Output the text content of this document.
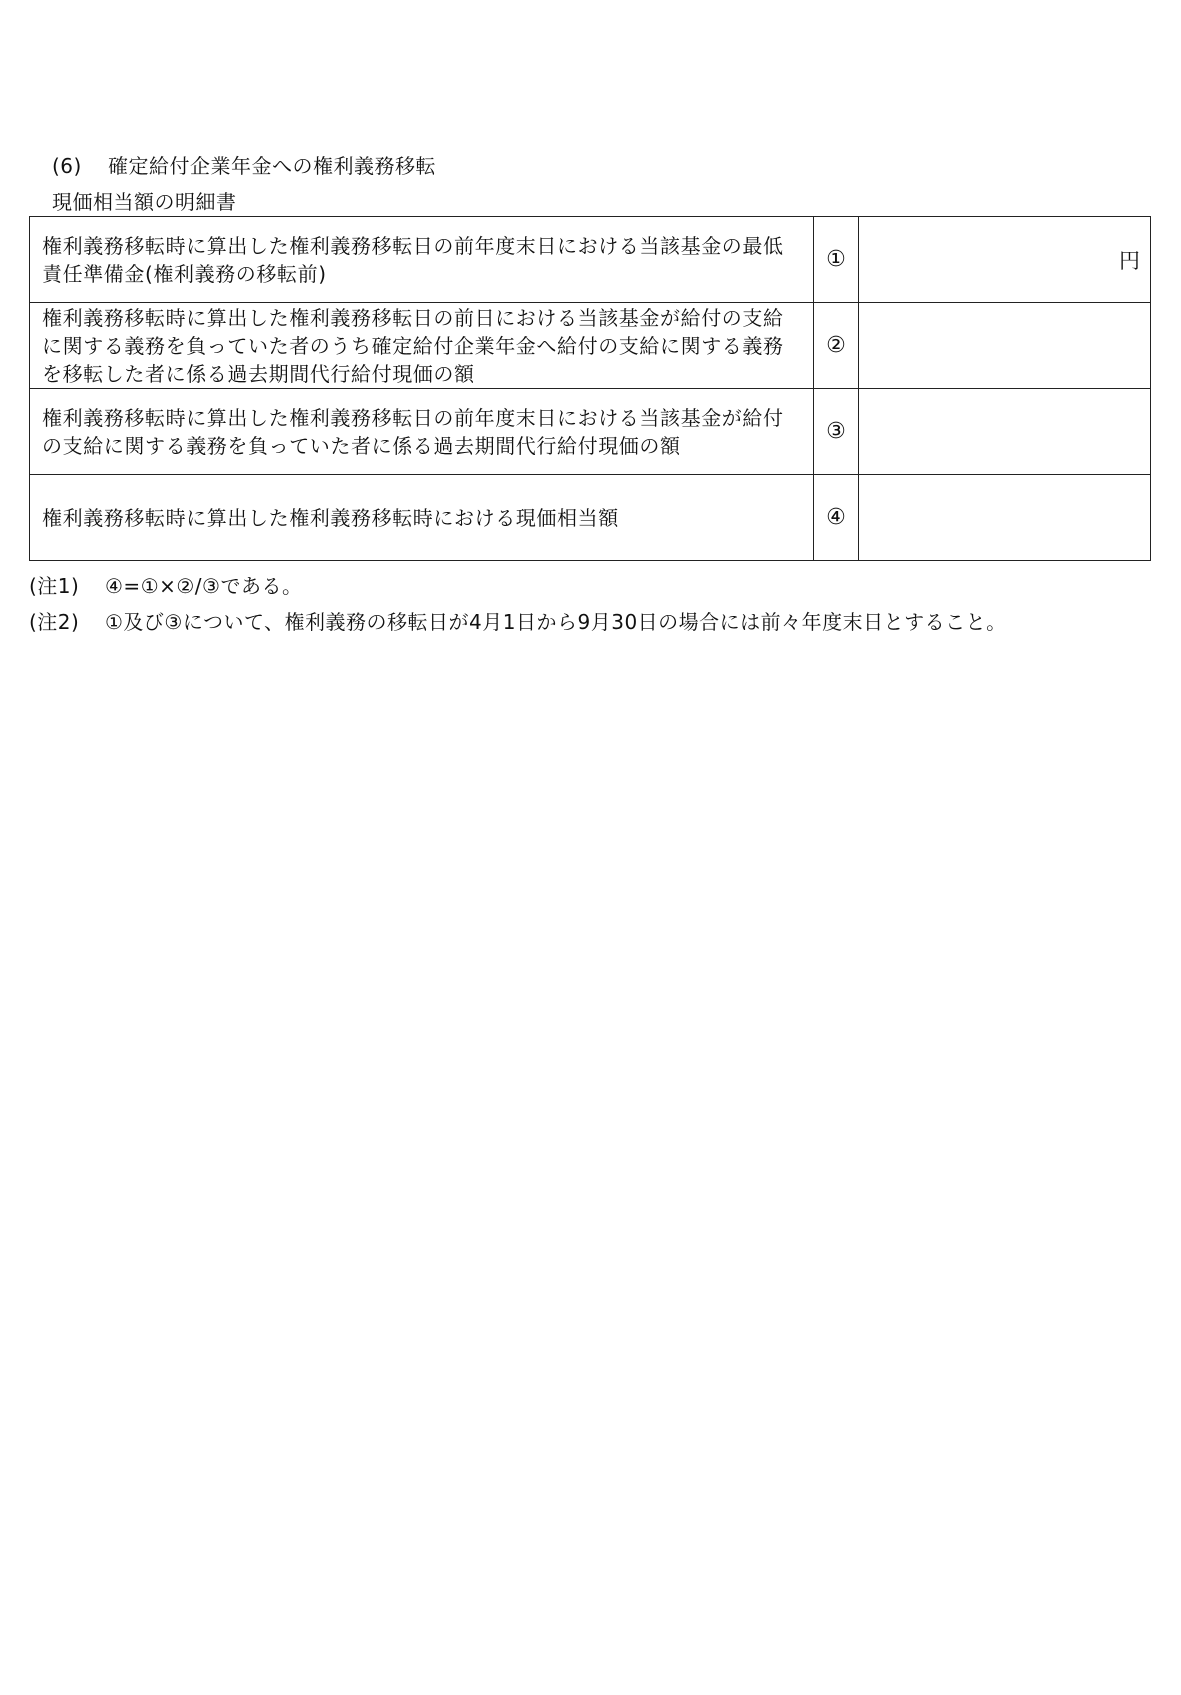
(6) 確定給付企業年金への権利義務移転
現価相当額の明細書
権利義務移転時に算出した権利義務移転日の前年度末日における当該基金の最低責任準備金(権利義務の移転前)	①	円
権利義務移転時に算出した権利義務移転日の前日における当該基金が給付の支給に関する義務を負っていた者のうち確定給付企業年金へ給付の支給に関する義務を移転した者に係る過去期間代行給付現価の額	②	
権利義務移転時に算出した権利義務移転日の前年度末日における当該基金が給付の支給に関する義務を負っていた者に係る過去期間代行給付現価の額	③	
権利義務移転時に算出した権利義務移転時における現価相当額	④	
(注1) ④=①×②/③である。
(注2) ①及び③について、権利義務の移転日が4月1日から9月30日の場合には前々年度末日とすること。
